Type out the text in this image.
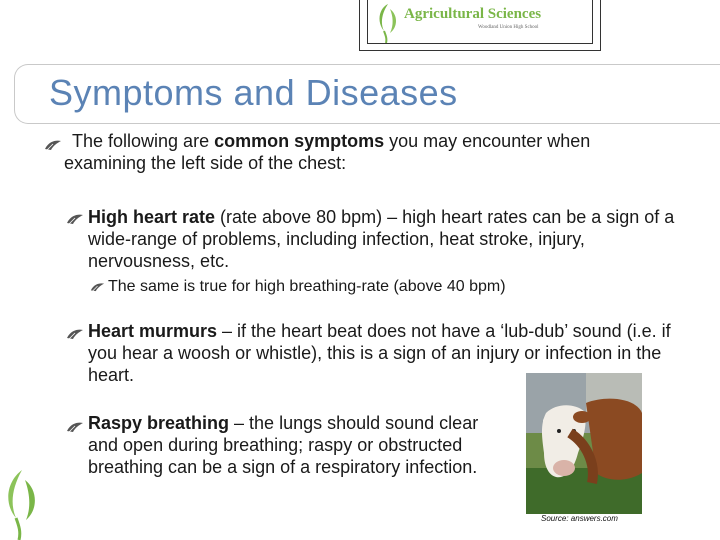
Agricultural Sciences
Woodland Union High School
Symptoms and Diseases
The following are common symptoms you may encounter when examining the left side of the chest:
High heart rate (rate above 80 bpm) – high heart rates can be a sign of a wide-range of problems, including infection, heat stroke, injury, nervousness, etc.
The same is true for high breathing-rate (above 40 bpm)
Heart murmurs – if the heart beat does not have a ‘lub-dub’ sound (i.e. if you hear a woosh or whistle), this is a sign of an injury or infection in the heart.
Raspy breathing – the lungs should sound clear and open during breathing; raspy or obstructed breathing can be a sign of a respiratory infection.
Source: answers.com
